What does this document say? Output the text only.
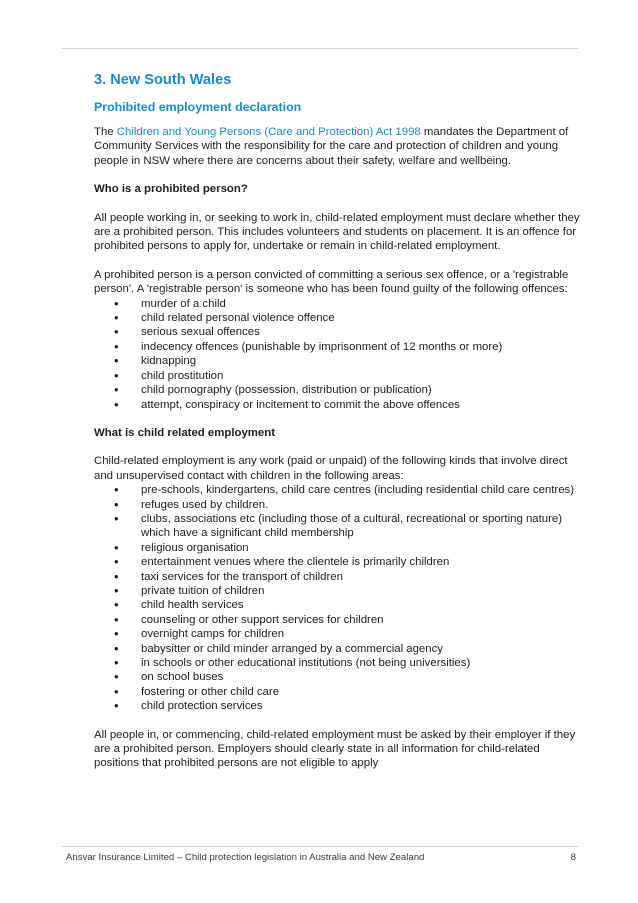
3. New South Wales
Prohibited employment declaration

The Children and Young Persons (Care and Protection) Act 1998 mandates the Department of Community Services with the responsibility for the care and protection of children and young people in NSW where there are concerns about their safety, welfare and wellbeing.

Who is a prohibited person?

All people working in, or seeking to work in, child-related employment must declare whether they are a prohibited person. This includes volunteers and students on placement. It is an offence for prohibited persons to apply for, undertake or remain in child-related employment.

A prohibited person is a person convicted of committing a serious sex offence, or a 'registrable person'. A 'registrable person' is someone who has been found guilty of the following offences:

• murder of a child
• child related personal violence offence
• serious sexual offences
• indecency offences (punishable by imprisonment of 12 months or more)
• kidnapping
• child prostitution
• child pornography (possession, distribution or publication)
• attempt, conspiracy or incitement to commit the above offences

What is child related employment

Child-related employment is any work (paid or unpaid) of the following kinds that involve direct and unsupervised contact with children in the following areas:

• pre-schools, kindergartens, child care centres (including residential child care centres)
• refuges used by children.
• clubs, associations etc (including those of a cultural, recreational or sporting nature) which have a significant child membership
• religious organisation
• entertainment venues where the clientele is primarily children
• taxi services for the transport of children
• private tuition of children
• child health services
• counseling or other support services for children
• overnight camps for children
• babysitter or child minder arranged by a commercial agency
• in schools or other educational institutions (not being universities)
• on school buses
• fostering or other child care
• child protection services

All people in, or commencing, child-related employment must be asked by their employer if they are a prohibited person. Employers should clearly state in all information for child-related positions that prohibited persons are not eligible to apply

Ansvar Insurance Limited – Child protection legislation in Australia and New Zealand	8
